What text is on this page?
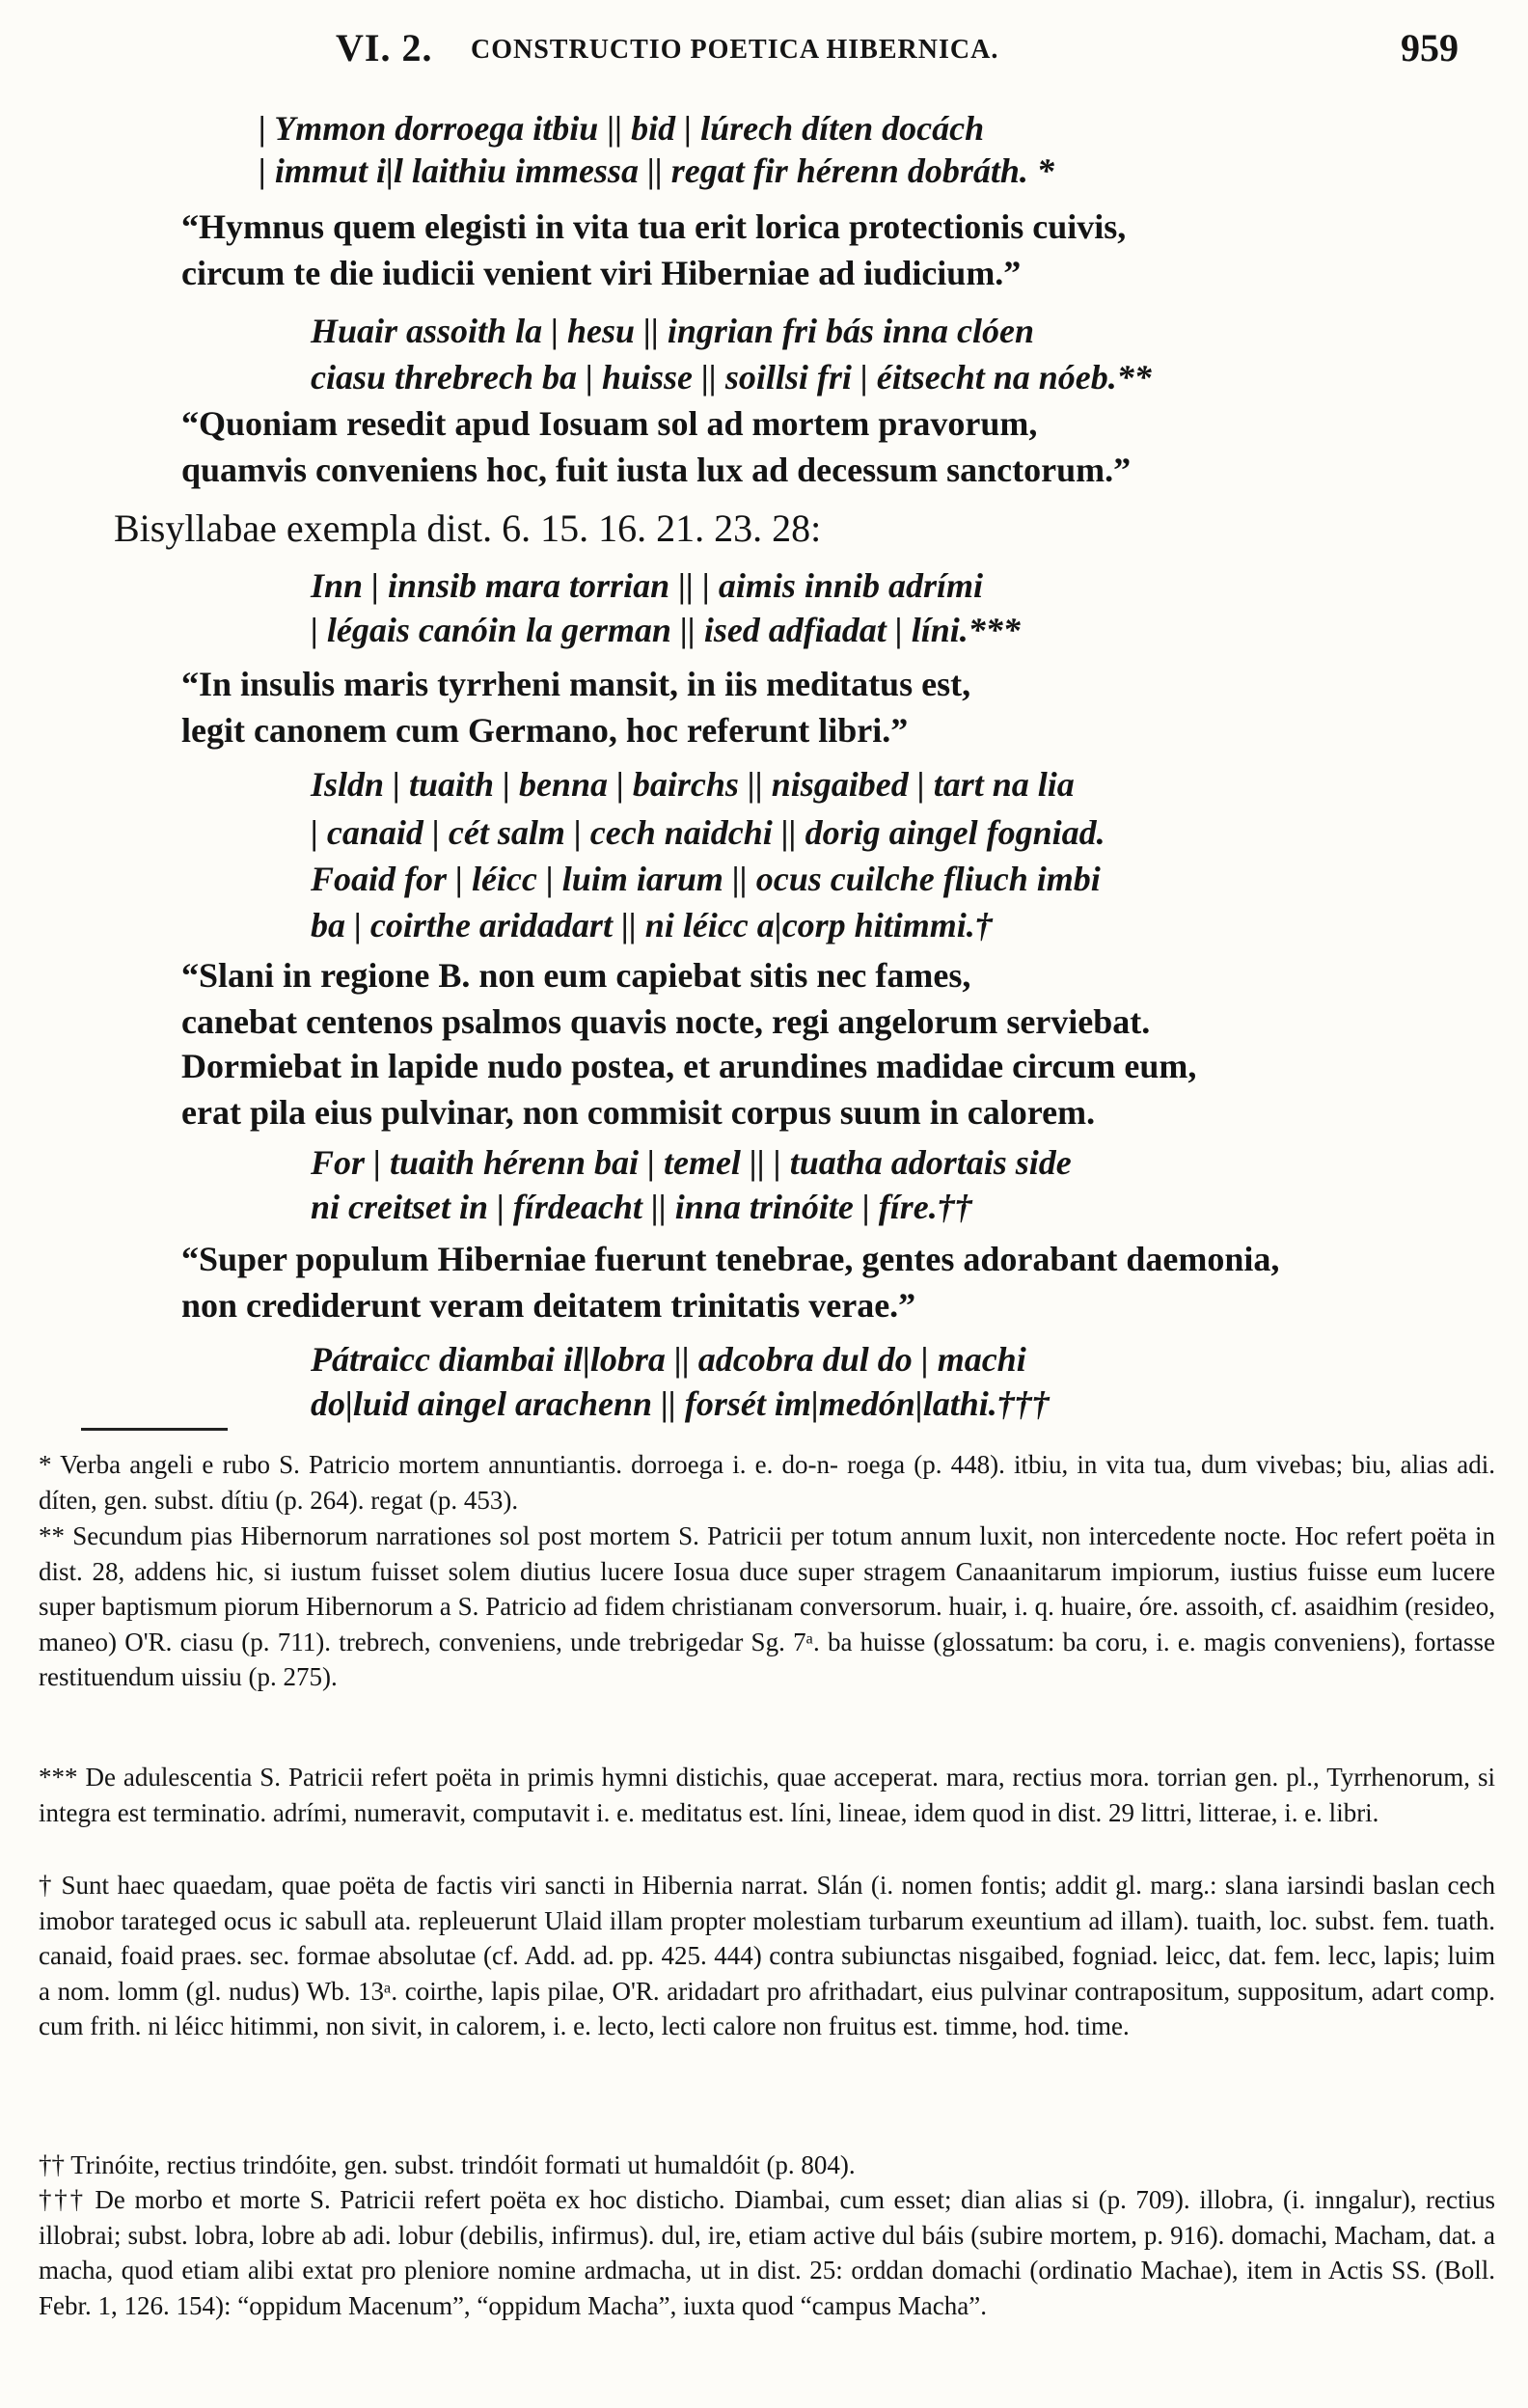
VI. 2. CONSTRUCTIO POETICA HIBERNICA.	959
| Ymmon dorroega itbiu || bid | lúrech díten docách
| immut i|l laithiu immessa || regat fir hérenn dobráth. *
“Hymnus quem elegisti in vita tua erit lorica protectionis cuivis,
circum te die iudicii venient viri Hiberniae ad iudicium.”
Huair assoith la | hesu || ingrian fri bás inna clóen
ciasu threbrech ba | huisse || soillsi fri | éitsecht na nóeb.**
“Quoniam resedit apud Iosuam sol ad mortem pravorum,
quamvis conveniens hoc, fuit iusta lux ad decessum sanctorum.”
Bisyllabae exempla dist. 6. 15. 16. 21. 23. 28:
Inn | innsib mara torrian || | aimis innib adrími
| légais canóin la german || ised adfiadat | líni.***
“In insulis maris tyrrheni mansit, in iis meditatus est,
legit canonem cum Germano, hoc referunt libri.”
Isldn | tuaith | benna | bairchs || nisgaibed | tart na lia
| canaid | cét salm | cech naidchi || dorig aingel fogniad.
Foaid for | léicc | luim iarum || ocus cuilche fliuch imbi
ba | coirthe aridadart || ni léicc a|corp hitimmi.†
“Slani in regione B. non eum capiebat sitis nec fames,
canebat centenos psalmos quavis nocte, regi angelorum serviebat.
Dormiebat in lapide nudo postea, et arundines madidae circum eum,
erat pila eius pulvinar, non commisit corpus suum in calorem.
For | tuaith hérenn bai | temel || | tuatha adortais side
ni creitset in | fírdeacht || inna trinóite | fíre.††
“Super populum Hiberniae fuerunt tenebrae, gentes adorabant daemonia,
non crediderunt veram deitatem trinitatis verae.”
Pátraicc diambai il|lobra || adcobra dul do | machi
do|luid aingel arachenn || forsét im|medón|lathi.†††
* Verba angeli e rubo S. Patricio mortem annuntiantis. dorroega i. e. do-n- roega (p. 448). itbiu, in vita tua, dum vivebas; biu, alias adi. díten, gen. subst. dítiu (p. 264). regat (p. 453).
** Secundum pias Hibernorum narrationes sol post mortem S. Patricii per totum annum luxit, non intercedente nocte. Hoc refert poëta in dist. 28, addens hic, si iustum fuisset solem diutius lucere Iosua duce super stragem Canaanitarum impiorum, iustius fuisse eum lucere super baptismum piorum Hibernorum a S. Patricio ad fidem christianam conversorum. huair, i. q. huaire, óre. assoith, cf. asaidhim (resideo, maneo) O'R. ciasu (p. 711). trebrech, conveniens, unde trebrigedar Sg. 7ᵃ. ba huisse (glossatum: ba coru, i. e. magis conveniens), fortasse restituendum uissiu (p. 275).
*** De adulescentia S. Patricii refert poëta in primis hymni distichis, quae acceperat. mara, rectius mora. torrian gen. pl., Tyrrhenorum, si integra est terminatio. adrími, numeravit, computavit i. e. meditatus est. líni, lineae, idem quod in dist. 29 littri, litterae, i. e. libri.
† Sunt haec quaedam, quae poëta de factis viri sancti in Hibernia narrat. Slán (i. nomen fontis; addit gl. marg.: slana iarsindi baslan cech imobor tarateged ocus ic sabull ata. repleuerunt Ulaid illam propter molestiam turbarum exeuntium ad illam). tuaith, loc. subst. fem. tuath. canaid, foaid praes. sec. formae absolutae (cf. Add. ad. pp. 425. 444) contra subiunctas nisgaibed, fogniad. leicc, dat. fem. lecc, lapis; luim a nom. lomm (gl. nudus) Wb. 13ᵃ. coirthe, lapis pilae, O'R. aridadart pro afrithadart, eius pulvinar contrapositum, suppositum, adart comp. cum frith. ni léicc hitimmi, non sivit, in calorem, i. e. lecto, lecti calore non fruitus est. timme, hod. time.
†† Trinóite, rectius trindóite, gen. subst. trindóit formati ut humaldóit (p. 804).
††† De morbo et morte S. Patricii refert poëta ex hoc disticho. Diambai, cum esset; dian alias si (p. 709). illobra, (i. inngalur), rectius illobrai; subst. lobra, lobre ab adi. lobur (debilis, infirmus). dul, ire, etiam active dul báis (subire mortem, p. 916). domachi, Macham, dat. a macha, quod etiam alibi extat pro pleniore nomine ardmacha, ut in dist. 25: orddan domachi (ordinatio Machae), item in Actis SS. (Boll. Febr. 1, 126. 154): “oppidum Macenum”, “oppidum Macha”, iuxta quod “campus Macha”.
